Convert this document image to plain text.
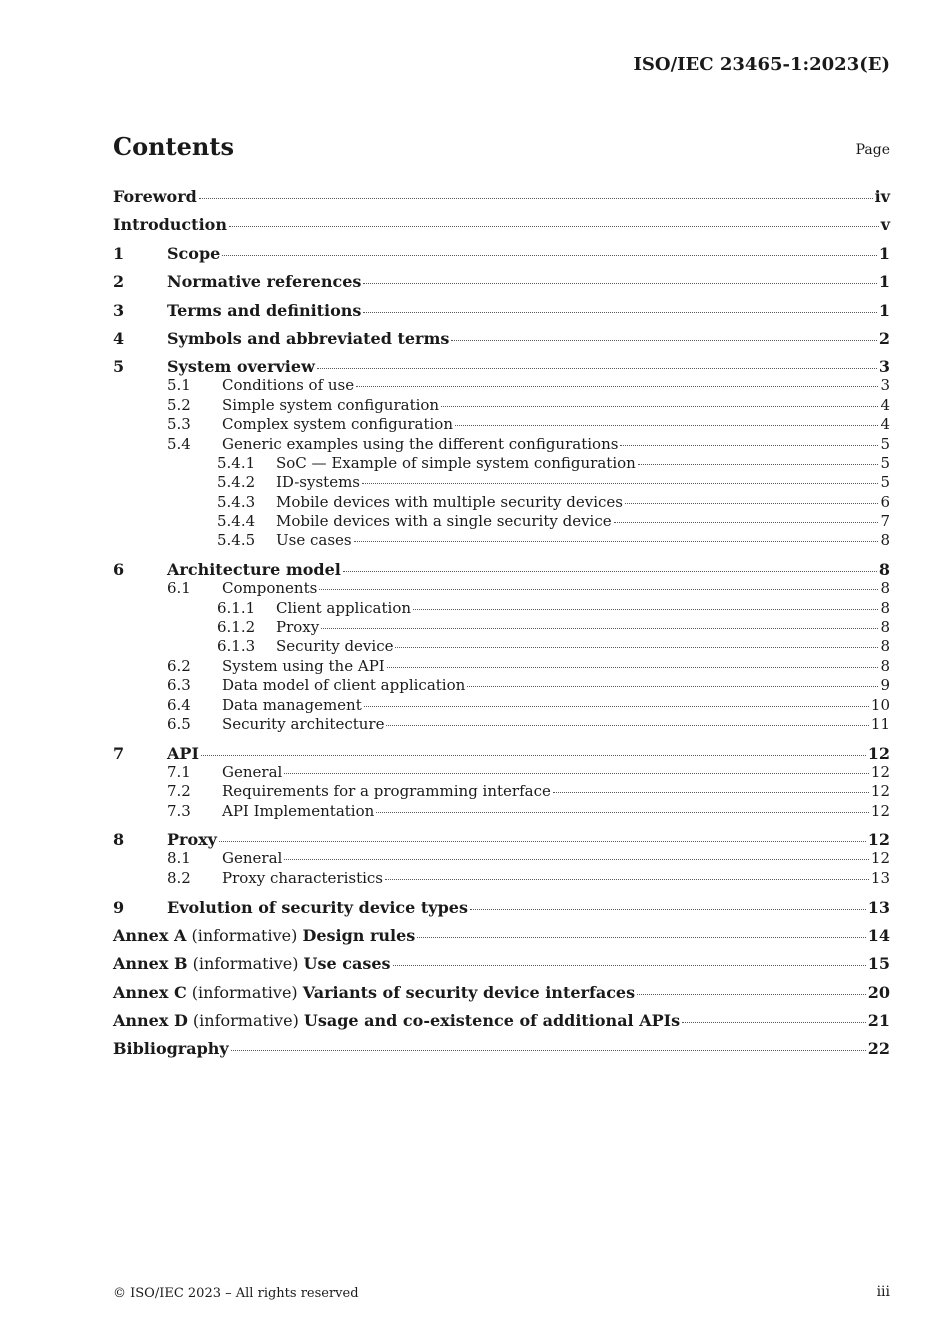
ISO/IEC 23465-1:2023(E)
Contents	Page
Foreword	iv
Introduction	v
1	Scope	1
2	Normative references	1
3	Terms and definitions	1
4	Symbols and abbreviated terms	2
5	System overview	3
5.1	Conditions of use	3
5.2	Simple system configuration	4
5.3	Complex system configuration	4
5.4	Generic examples using the different configurations	5
5.4.1	SoC — Example of simple system configuration	5
5.4.2	ID-systems	5
5.4.3	Mobile devices with multiple security devices	6
5.4.4	Mobile devices with a single security device	7
5.4.5	Use cases	8
6	Architecture model	8
6.1	Components	8
6.1.1	Client application	8
6.1.2	Proxy	8
6.1.3	Security device	8
6.2	System using the API	8
6.3	Data model of client application	9
6.4	Data management	10
6.5	Security architecture	11
7	API	12
7.1	General	12
7.2	Requirements for a programming interface	12
7.3	API Implementation	12
8	Proxy	12
8.1	General	12
8.2	Proxy characteristics	13
9	Evolution of security device types	13
Annex A (informative) Design rules	14
Annex B (informative) Use cases	15
Annex C (informative) Variants of security device interfaces	20
Annex D (informative) Usage and co-existence of additional APIs	21
Bibliography	22
© ISO/IEC 2023 – All rights reserved	iii
